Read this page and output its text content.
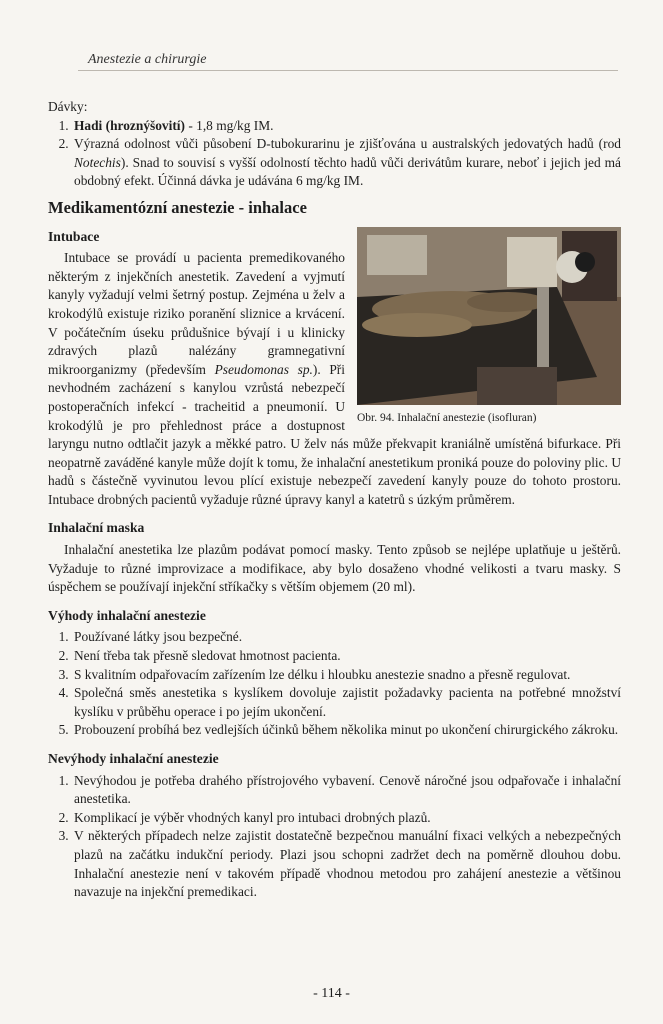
Anestezie a chirurgie

Dávky:

1. Hadi (hroznýšovití) - 1,8 mg/kg IM.
2. Výrazná odolnost vůči působení D-tubokurarinu je zjišťována u australských jedovatých hadů (rod Notechis). Snad to souvisí s vyšší odolností těchto hadů vůči derivátům kurare, neboť i jejich jed má obdobný efekt. Účinná dávka je udávána 6 mg/kg IM.
Medikamentózní anestezie - inhalace
Intubace
Obr. 94. Inhalační anestezie (isofluran)

Intubace se provádí u pacienta premedikovaného některým z injekčních anestetik. Zavedení a vyjmutí kanyly vyžadují velmi šetrný postup. Zejména u želv a krokodýlů existuje riziko poranění sliznice a krvácení. V počátečním úseku průdušnice bývají i u klinicky zdravých plazů nalézány gramnegativní mikroorganizmy (především Pseudomonas sp.). Při nevhodném zacházení s kanylou vzrůstá nebezpečí postoperačních infekcí - tracheitid a pneumonií. U krokodýlů je pro přehlednost práce a dostupnost laryngu nutno odtlačit jazyk a měkké patro. U želv nás může překvapit kraniálně umístěná bifurkace. Při neopatrně zaváděné kanyle může dojít k tomu, že inhalační anestetikum proniká pouze do poloviny plic. U hadů s částečně vyvinutou levou plící existuje nebezpečí zavedení kanyly pouze do tohoto prostoru. Intubace drobných pacientů vyžaduje různé úpravy kanyl a katetrů s úzkým průměrem.

Inhalační maska

Inhalační anestetika lze plazům podávat pomocí masky. Tento způsob se nejlépe uplatňuje u ještěrů. Vyžaduje to různé improvizace a modifikace, aby bylo dosaženo vhodné velikosti a tvaru masky. S úspěchem se používají injekční stříkačky s větším objemem (20 ml).

Výhody inhalační anestezie
1. Používané látky jsou bezpečné.
2. Není třeba tak přesně sledovat hmotnost pacienta.
3. S kvalitním odpařovacím zařízením lze délku i hloubku anestezie snadno a přesně regulovat.
4. Společná směs anestetika s kyslíkem dovoluje zajistit požadavky pacienta na potřebné množství kyslíku v průběhu operace i po jejím ukončení.
5. Probouzení probíhá bez vedlejších účinků během několika minut po ukončení chirurgického zákroku.
Nevýhody inhalační anestezie
1. Nevýhodou je potřeba drahého přístrojového vybavení. Cenově náročné jsou odpařovače i inhalační anestetika.
2. Komplikací je výběr vhodných kanyl pro intubaci drobných plazů.
3. V některých případech nelze zajistit dostatečně bezpečnou manuální fixaci velkých a nebezpečných plazů na začátku indukční periody. Plazi jsou schopni zadržet dech na poměrně dlouhou dobu. Inhalační anestezie není v takovém případě vhodnou metodou pro zahájení anestezie a většinou navazuje na injekční premedikaci.
- 114 -
